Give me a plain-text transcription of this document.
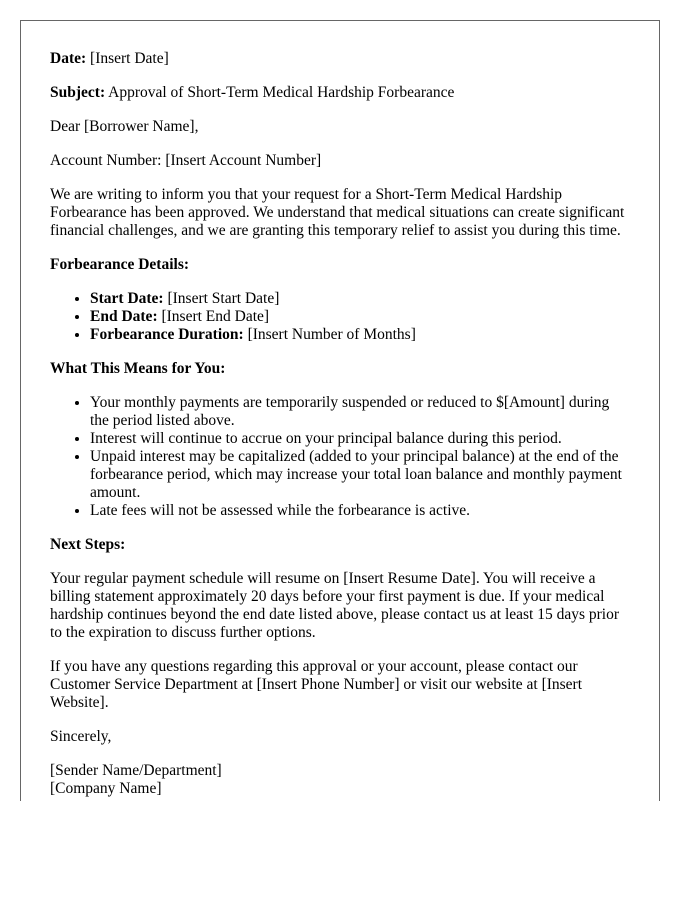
Date: [Insert Date]

Subject: Approval of Short-Term Medical Hardship Forbearance

Dear [Borrower Name],

Account Number: [Insert Account Number]

We are writing to inform you that your request for a Short-Term Medical Hardship Forbearance has been approved. We understand that medical situations can create significant financial challenges, and we are granting this temporary relief to assist you during this time.

Forbearance Details:
• Start Date: [Insert Start Date]
• End Date: [Insert End Date]
• Forbearance Duration: [Insert Number of Months]
What This Means for You:
• Your monthly payments are temporarily suspended or reduced to $[Amount] during the period listed above.
• Interest will continue to accrue on your principal balance during this period.
• Unpaid interest may be capitalized (added to your principal balance) at the end of the forbearance period, which may increase your total loan balance and monthly payment amount.
• Late fees will not be assessed while the forbearance is active.
Next Steps:

Your regular payment schedule will resume on [Insert Resume Date]. You will receive a billing statement approximately 20 days before your first payment is due. If your medical hardship continues beyond the end date listed above, please contact us at least 15 days prior to the expiration to discuss further options.

If you have any questions regarding this approval or your account, please contact our Customer Service Department at [Insert Phone Number] or visit our website at [Insert Website].

Sincerely,

[Sender Name/Department]
[Company Name]
